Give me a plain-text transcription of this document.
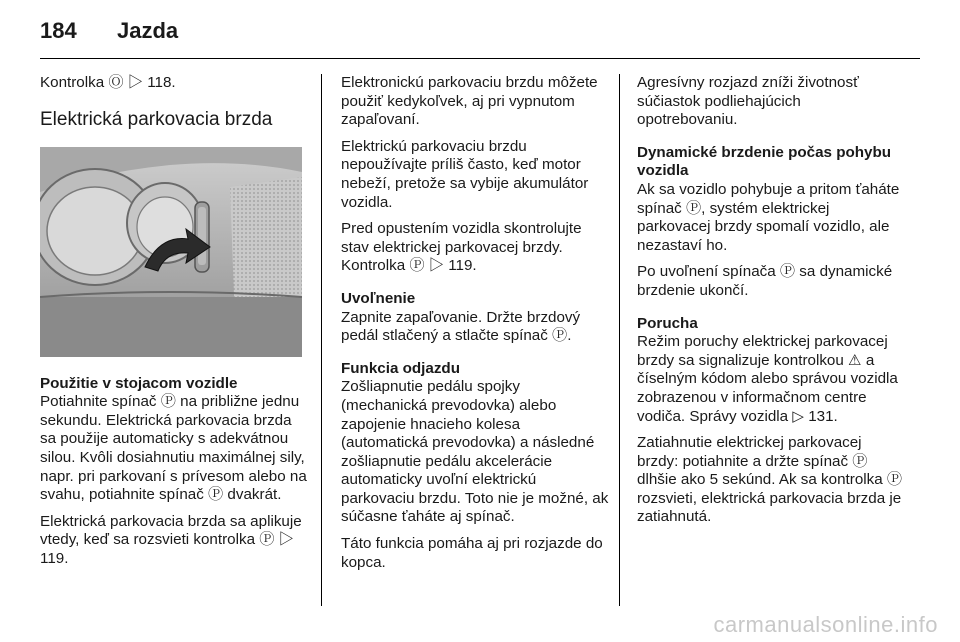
184 Jazda

Kontrolka Ⓞ ▷ 118.

Elektrická parkovacia brzda
Použitie v stojacom vozidle

Potiahnite spínač Ⓟ na približne jednu sekundu. Elektrická parkovacia brzda sa použije automaticky s adekvátnou silou. Kvôli dosiahnutiu maximálnej sily, napr. pri parkovaní s prívesom alebo na svahu, potiahnite spínač Ⓟ dvakrát.

Elektrická parkovacia brzda sa aplikuje vtedy, keď sa rozsvieti kontrolka Ⓟ ▷ 119.

Elektronickú parkovaciu brzdu môžete použiť kedykoľvek, aj pri vypnutom zapaľovaní.

Elektrickú parkovaciu brzdu nepoužívajte príliš často, keď motor nebeží, pretože sa vybije akumulátor vozidla.

Pred opustením vozidla skontrolujte stav elektrickej parkovacej brzdy. Kontrolka Ⓟ ▷ 119.

Uvoľnenie

Zapnite zapaľovanie. Držte brzdový pedál stlačený a stlačte spínač Ⓟ.

Funkcia odjazdu

Zošliapnutie pedálu spojky (mechanická prevodovka) alebo zapojenie hnacieho kolesa (automatická prevodovka) a následné zošliapnutie pedálu akcelerácie automaticky uvoľní elektrickú parkovaciu brzdu. Toto nie je možné, ak súčasne ťaháte aj spínač.

Táto funkcia pomáha aj pri rozjazde do kopca.

Agresívny rozjazd zníži životnosť súčiastok podliehajúcich opotrebovaniu.

Dynamické brzdenie počas pohybu vozidla

Ak sa vozidlo pohybuje a pritom ťaháte spínač Ⓟ, systém elektrickej parkovacej brzdy spomalí vozidlo, ale nezastaví ho.

Po uvoľnení spínača Ⓟ sa dynamické brzdenie ukončí.

Porucha

Režim poruchy elektrickej parkovacej brzdy sa signalizuje kontrolkou ⚠ a číselným kódom alebo správou vozidla zobrazenou v informačnom centre vodiča. Správy vozidla ▷ 131.

Zatiahnutie elektrickej parkovacej brzdy: potiahnite a držte spínač Ⓟ dlhšie ako 5 sekúnd. Ak sa kontrolka Ⓟ rozsvieti, elektrická parkovacia brzda je zatiahnutá.

carmanualsonline.info
